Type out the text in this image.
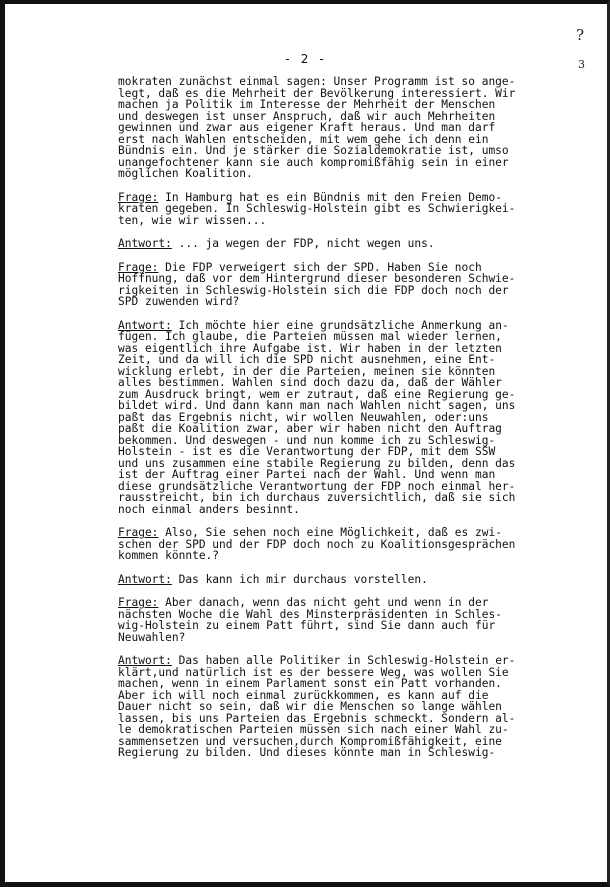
- 2 -
?
3
mokraten zunächst einmal sagen: Unser Programm ist so ange-
legt, daß es die Mehrheit der Bevölkerung interessiert. Wir
machen ja Politik im Interesse der Mehrheit der Menschen
und deswegen ist unser Anspruch, daß wir auch Mehrheiten
gewinnen und zwar aus eigener Kraft heraus. Und man darf
erst nach Wahlen entscheiden, mit wem gehe ich denn ein
Bündnis ein. Und je stärker die Sozialdemokratie ist, umso
unangefochtener kann sie auch kompromißfähig sein in einer
möglichen Koalition.
Frage: In Hamburg hat es ein Bündnis mit den Freien Demo-
kraten gegeben. In Schleswig-Holstein gibt es Schwierigkei-
ten, wie wir wissen...
Antwort: ... ja wegen der FDP, nicht wegen uns.
Frage: Die FDP verweigert sich der SPD. Haben Sie noch
Hoffnung, daß vor dem Hintergrund dieser besonderen Schwie-
rigkeiten in Schleswig-Holstein sich die FDP doch noch der
SPD zuwenden wird?
Antwort: Ich möchte hier eine grundsätzliche Anmerkung an-
fügen. Ich glaube, die Parteien müssen mal wieder lernen,
was eigentlich ihre Aufgabe ist. Wir haben in der letzten
Zeit, und da will ich die SPD nicht ausnehmen, eine Ent-
wicklung erlebt, in der die Parteien, meinen sie könnten
alles bestimmen. Wahlen sind doch dazu da, daß der Wähler
zum Ausdruck bringt, wem er zutraut, daß eine Regierung ge-
bildet wird. Und dann kann man nach Wahlen nicht sagen, uns
paßt das Ergebnis nicht, wir wollen Neuwahlen, oder:uns
paßt die Koalition zwar, aber wir haben nicht den Auftrag
bekommen. Und deswegen - und nun komme ich zu Schleswig-
Holstein - ist es die Verantwortung der FDP, mit dem SSW
und uns zusammen eine stabile Regierung zu bilden, denn das
ist der Auftrag einer Partei nach der Wahl. Und wenn man
diese grundsätzliche Verantwortung der FDP noch einmal her-
rausstreicht, bin ich durchaus zuversichtlich, daß sie sich
noch einmal anders besinnt.
Frage: Also, Sie sehen noch eine Möglichkeit, daß es zwi-
schen der SPD und der FDP doch noch zu Koalitionsgesprächen
kommen könnte.?
Antwort: Das kann ich mir durchaus vorstellen.
Frage: Aber danach, wenn das nicht geht und wenn in der
nächsten Woche die Wahl des Minsterpräsidenten in Schles-
wig-Holstein zu einem Patt führt, sind Sie dann auch für
Neuwahlen?
Antwort: Das haben alle Politiker in Schleswig-Holstein er-
klärt,und natürlich ist es der bessere Weg, was wollen Sie
machen, wenn in einem Parlament sonst ein Patt vorhanden.
Aber ich will noch einmal zurückkommen, es kann auf die
Dauer nicht so sein, daß wir die Menschen so lange wählen
lassen, bis uns Parteien das Ergebnis schmeckt. Sondern al-
le demokratischen Parteien müssen sich nach einer Wahl zu-
sammensetzen und versuchen,durch Kompromißfähigkeit, eine
Regierung zu bilden. Und dieses könnte man in Schleswig-
